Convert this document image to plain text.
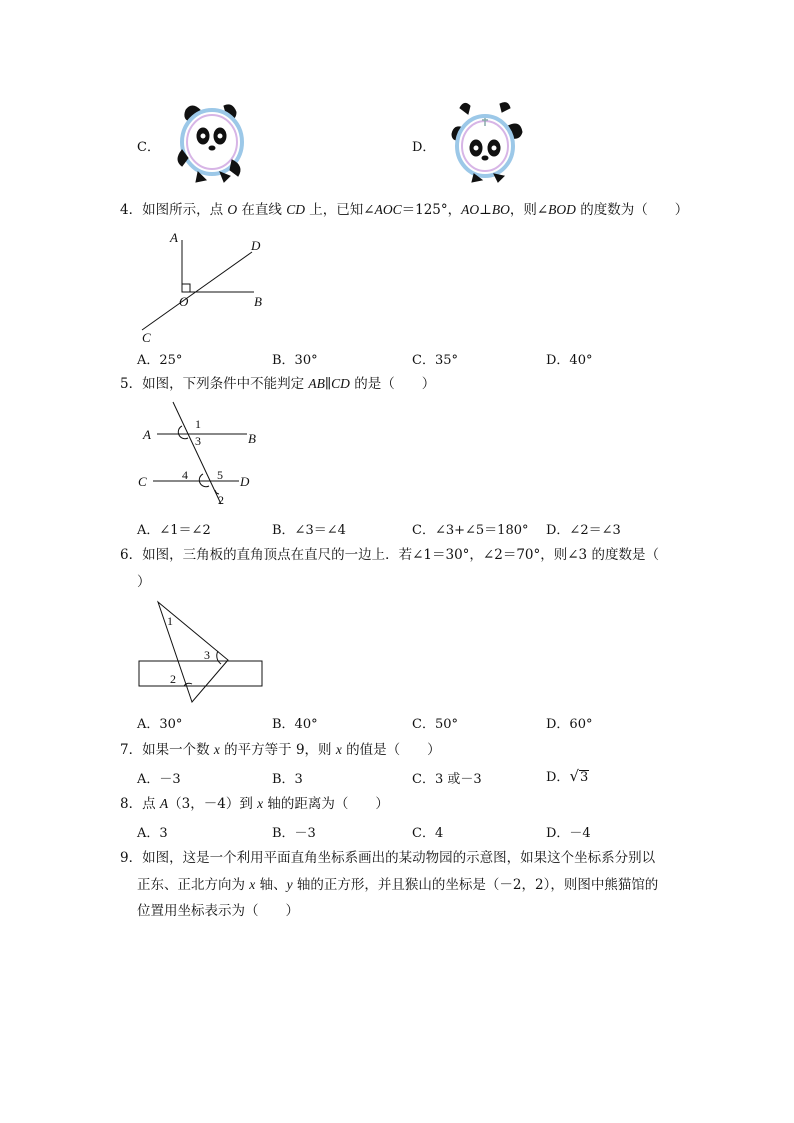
C．	D．
4．如图所示，点 O 在直线 CD 上，已知∠AOC＝125°，AO⊥BO，则∠BOD 的度数为（　　）
A
D
O	B
C
A．25°	B．30°	C．35°	D．40°
5．如图，下列条件中不能判定 AB∥CD 的是（　　）
A	B
C	D
1
3
4 5
2
A．∠1＝∠2	B．∠3＝∠4	C．∠3+∠5＝180° D．∠2＝∠3
6．如图，三角板的直角顶点在直尺的一边上．若∠1＝30°，∠2＝70°，则∠3 的度数是（
）
1
3
2
A．30°	B．40°	C．50°	D．60°
7．如果一个数 x 的平方等于 9，则 x 的值是（　　）
A．－3	B．3	C．3 或－3	D．√3
8．点 A（3，－4）到 x 轴的距离为（　　）
A．3	B．－3	C．4	D．－4
9．如图，这是一个利用平面直角坐标系画出的某动物园的示意图，如果这个坐标系分别以
正东、正北方向为 x 轴、y 轴的正方形，并且猴山的坐标是（－2，2），则图中熊猫馆的
位置用坐标表示为（　　）
